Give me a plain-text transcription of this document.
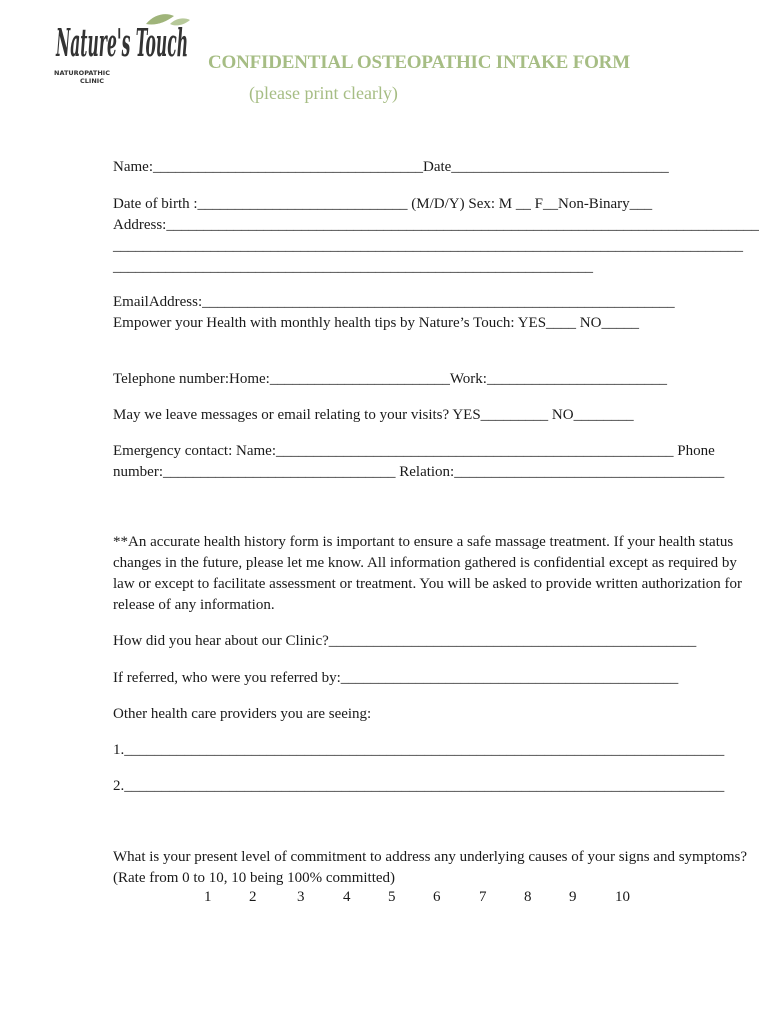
Nature's Touch
NATUROPATHIC
CLINIC
CONFIDENTIAL OSTEOPATHIC INTAKE FORM
(please print clearly)
Name:____________________________________Date_____________________________
Date of birth :____________________________ (M/D/Y) Sex: M __ F__Non-Binary___
Address:_______________________________________________________________________________
____________________________________________________________________________________
________________________________________________________________
EmailAddress:_______________________________________________________________
Empower your Health with monthly health tips by Nature’s Touch: YES____ NO_____
Telephone number:Home:________________________Work:________________________
May we leave messages or email relating to your visits? YES_________ NO________
Emergency contact: Name:_____________________________________________________ Phone
number:_______________________________ Relation:____________________________________
**An accurate health history form is important to ensure a safe massage treatment. If your health status changes in the future, please let me know. All information gathered is confidential except as required by law or except to facilitate assessment or treatment. You will be asked to provide written authorization for release of any information.
How did you hear about our Clinic?_________________________________________________
If referred, who were you referred by:_____________________________________________
Other health care providers you are seeing:
1.________________________________________________________________________________
2.________________________________________________________________________________
What is your present level of commitment to address any underlying causes of your signs and symptoms? (Rate from 0 to 10, 10 being 100% committed)
1	2	3	4	5	6	7	8	9	10
